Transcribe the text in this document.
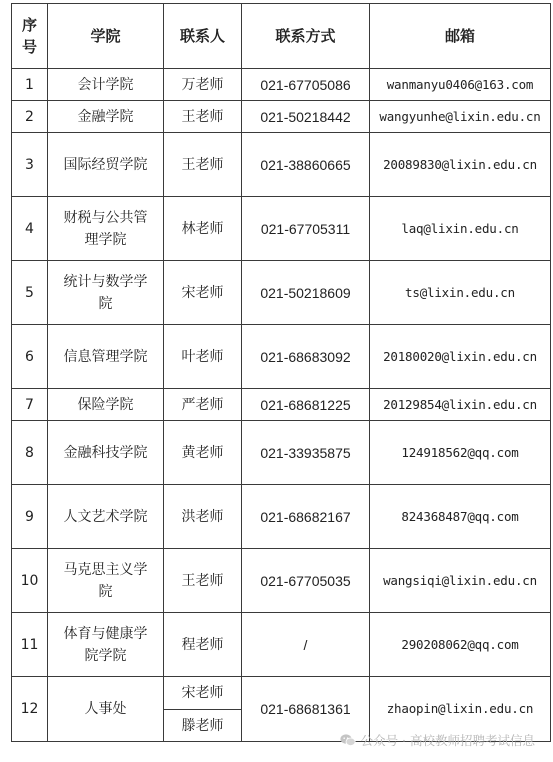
序号	学院	联系人	联系方式	邮箱
1	会计学院	万老师	021-67705086	wanmanyu0406@163.com
2	金融学院	王老师	021-50218442	wangyunhe@lixin.edu.cn
3	国际经贸学院	王老师	021-38860665	20089830@lixin.edu.cn
4	财税与公共管理学院	林老师	021-67705311	laq@lixin.edu.cn
5	统计与数学学院	宋老师	021-50218609	ts@lixin.edu.cn
6	信息管理学院	叶老师	021-68683092	20180020@lixin.edu.cn
7	保险学院	严老师	021-68681225	20129854@lixin.edu.cn
8	金融科技学院	黄老师	021-33935875	124918562@qq.com
9	人文艺术学院	洪老师	021-68682167	824368487@qq.com
10	马克思主义学院	王老师	021-67705035	wangsiqi@lixin.edu.cn
11	体育与健康学院学院	程老师	/	290208062@qq.com
12	人事处	宋老师	021-68681361	zhaopin@lixin.edu.cn
		滕老师		
公众号 · 高校教师招聘考试信息
